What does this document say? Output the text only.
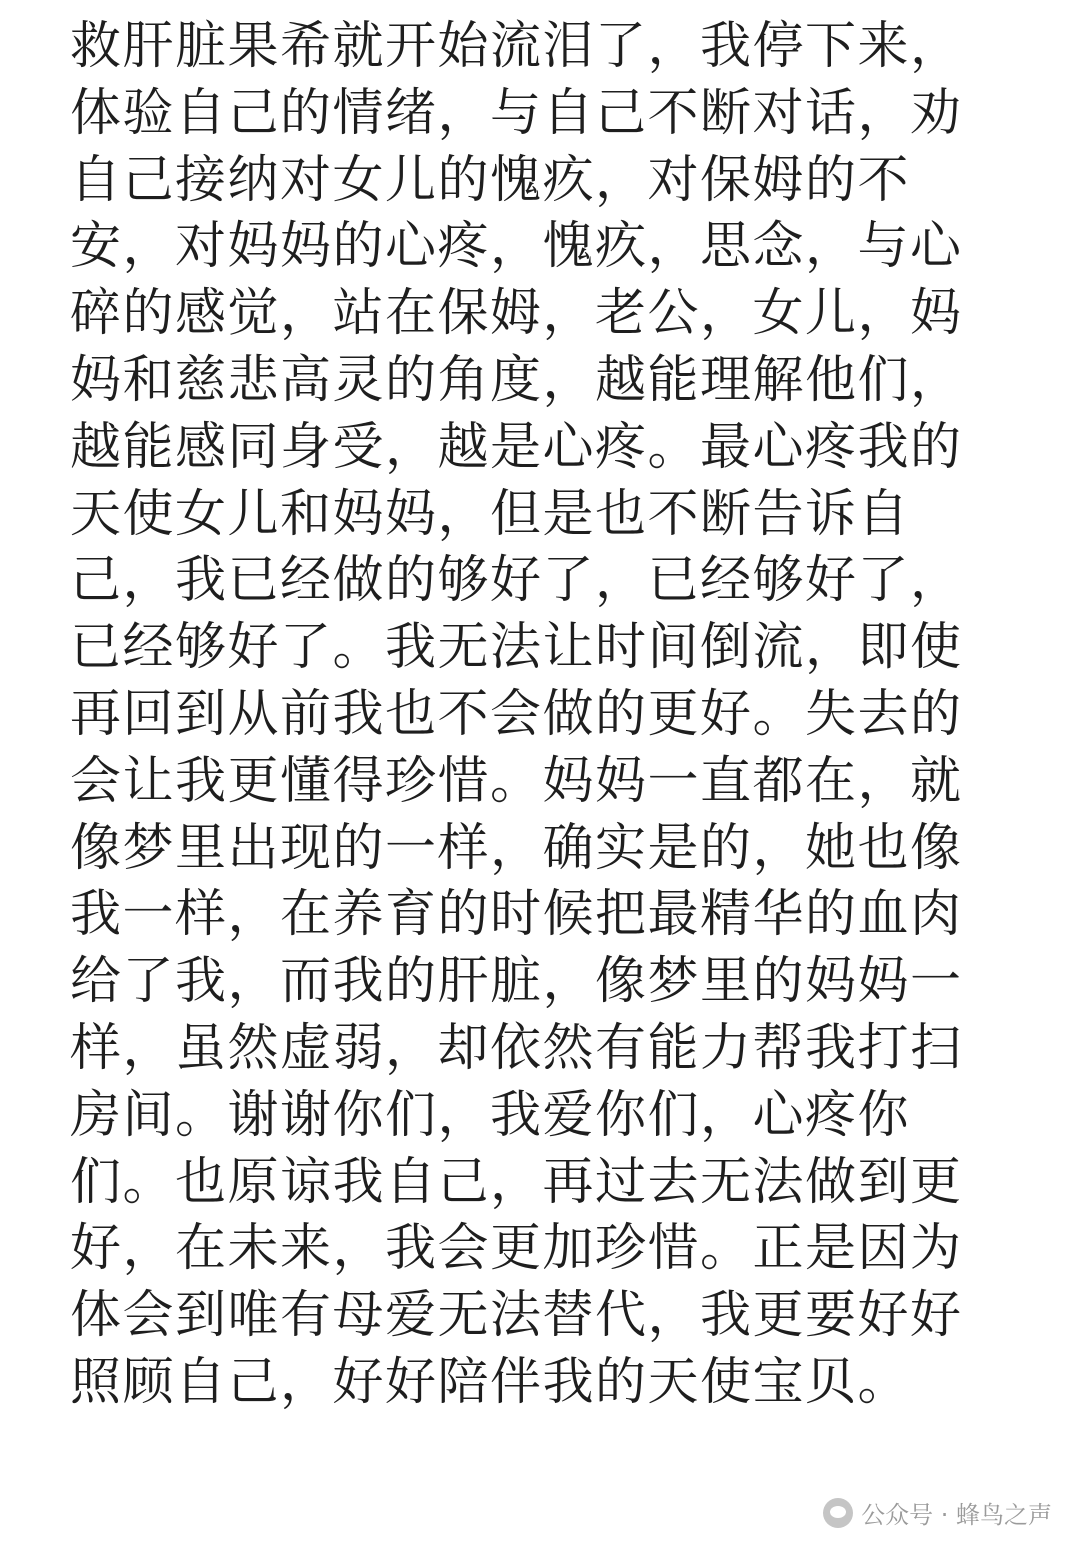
救肝脏果希就开始流泪了，我停下来，
体验自己的情绪，与自己不断对话，劝
自己接纳对女儿的愧疚，对保姆的不
安，对妈妈的心疼，愧疚，思念，与心
碎的感觉，站在保姆，老公，女儿，妈
妈和慈悲高灵的角度，越能理解他们，
越能感同身受，越是心疼。最心疼我的
天使女儿和妈妈，但是也不断告诉自
己，我已经做的够好了，已经够好了，
已经够好了。我无法让时间倒流，即使
再回到从前我也不会做的更好。失去的
会让我更懂得珍惜。妈妈一直都在，就
像梦里出现的一样，确实是的，她也像
我一样，在养育的时候把最精华的血肉
给了我，而我的肝脏，像梦里的妈妈一
样，虽然虚弱，却依然有能力帮我打扫
房间。谢谢你们，我爱你们，心疼你
们。也原谅我自己，再过去无法做到更
好，在未来，我会更加珍惜。正是因为
体会到唯有母爱无法替代，我更要好好
照顾自己，好好陪伴我的天使宝贝。
公众号 · 蜂鸟之声
